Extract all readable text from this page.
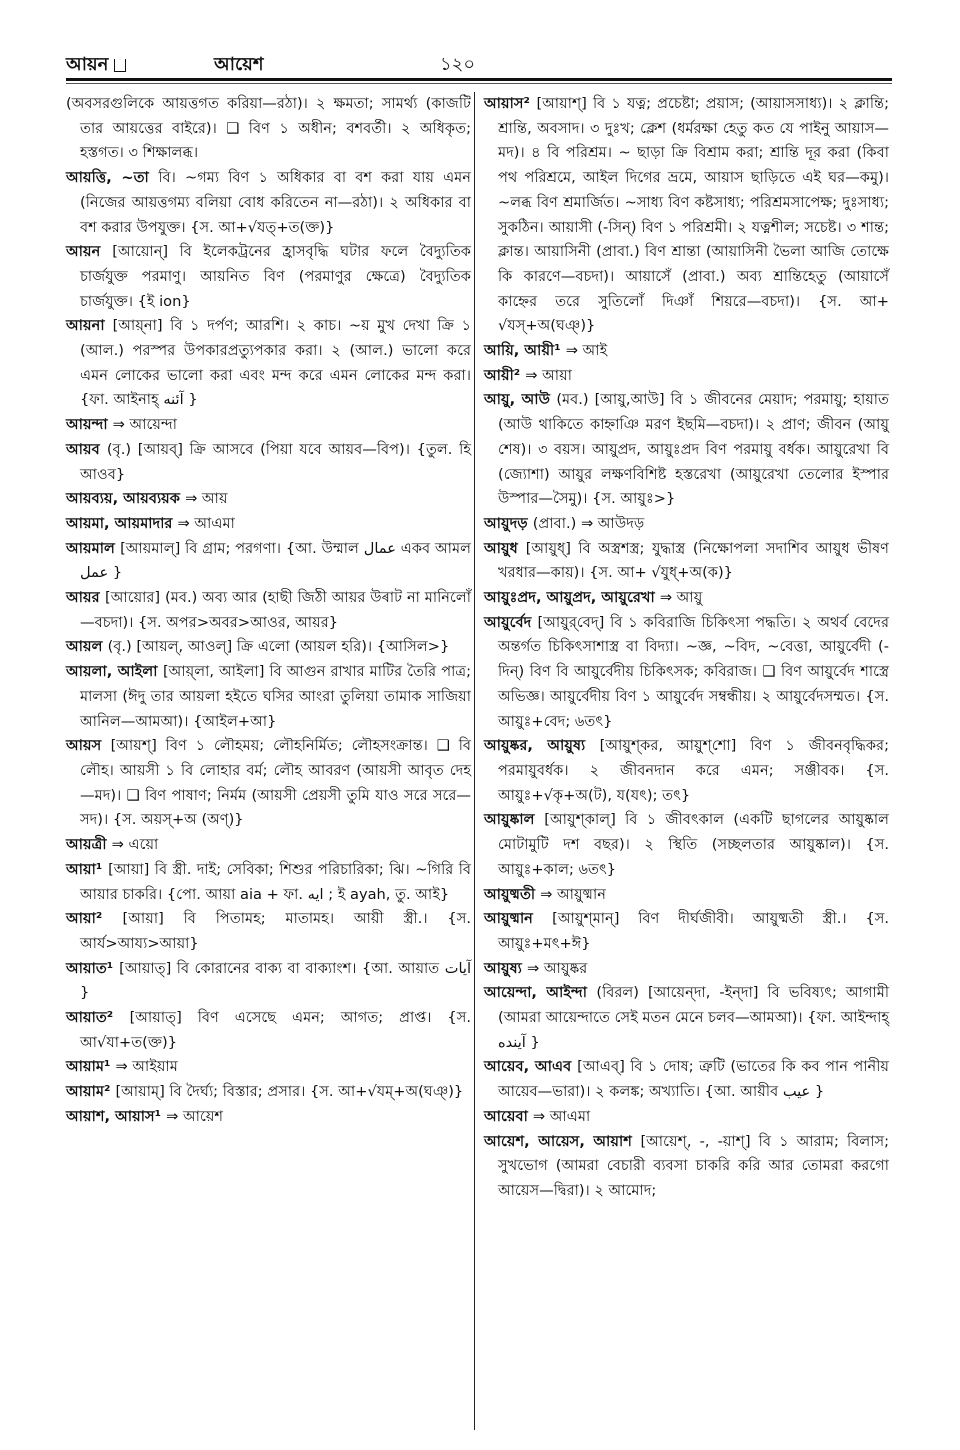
আয়ন	আয়েশ	১২০

(অবসরগুলিকে আয়ত্তগত করিয়া—রঠা)। ২ ক্ষমতা; সামর্থ্য (কাজটি তার আয়ত্তের বাইরে)। ❑ বিণ ১ অধীন; বশবর্তী। ২ অধিকৃত; হস্তগত। ৩ শিক্ষালব্ধ।

আয়ত্তি, ~তা বি। ~গম্য বিণ ১ অধিকার বা বশ করা যায় এমন (নিজের আয়ত্তগম্য বলিয়া বোধ করিতেন না—রঠা)। ২ অধিকার বা বশ করার উপযুক্ত। {স. আ+√যত্+ত(ক্ত)}

আয়ন [আয়োন্] বি ইলেকট্রনের হ্রাসবৃদ্ধি ঘটার ফলে বৈদ্যুতিক চার্জযুক্ত পরমাণু। আয়নিত বিণ (পরমাণুর ক্ষেত্রে) বৈদ্যুতিক চার্জযুক্ত। {ই ion}

আয়না [আয়্না] বি ১ দর্পণ; আরশি। ২ কাচ। ~য় মুখ দেখা ক্রি ১ (আল.) পরস্পর উপকারপ্রত্যুপকার করা। ২ (আল.) ভালো করে এমন লোকের ভালো করা এবং মন্দ করে এমন লোকের মন্দ করা। {ফা. আইনাহ্ آئنه }

আয়ন্দা ⇒ আয়েন্দা

আয়ব (বৃ.) [আয়ব্] ক্রি আসবে (পিয়া যবে আয়ব—বিপ)। {তুল. হি আওব}

আয়ব্যয়, আয়ব্যয়ক ⇒ আয়

আয়মা, আয়মাদার ⇒ আএমা

আয়মাল [আয়মাল্] বি গ্রাম; পরগণা। {আ. উম্মাল عمال একব আমল عمل }

আয়র [আয়োর] (মব.) অব্য আর (হাছী জিঠী আয়র উৰাট না মানিলোঁ—বচদা)। {স. অপর>অবর>আওর, আয়র}

আয়ল (বৃ.) [আয়ল্, আওল্] ক্রি এলো (আয়ল হরি)। {আসিল>}

আয়লা, আইলা [আয়্‌লা, আইলা] বি আগুন রাখার মাটির তৈরি পাত্র; মালসা (ঈদু তার আয়লা হইতে ঘসির আংরা তুলিয়া তামাক সাজিয়া আনিল—আমআ)। {আইল+আ}

আয়স [আয়শ্] বিণ ১ লৌহময়; লৌহনির্মিত; লৌহসংক্রান্ত। ❑ বি লৌহ। আয়সী ১ বি লোহার বর্ম; লৌহ আবরণ (আয়সী আবৃত দেহ—মদ)। ❑ বিণ পাষাণ; নির্মম (আয়সী প্রেয়সী তুমি যাও সরে সরে—সদ)। {স. অয়স্+অ (অণ্)}

আয়ত্রী ⇒ এয়ো

আয়া¹ [আয়া] বি স্ত্রী. দাই; সেবিকা; শিশুর পরিচারিকা; ঝি। ~গিরি বি আয়ার চাকরি। {পো. আয়া aia + ফা. ایه ; ই ayah, তু. আই}

আয়া² [আয়া] বি পিতামহ; মাতামহ। আয়ী স্ত্রী.। {স. আর্য>আয্য>আয়া}

আয়াত¹ [আয়াত্] বি কোরানের বাক্য বা বাক্যাংশ। {আ. আয়াত آیات }

আয়াত² [আয়াত্] বিণ এসেছে এমন; আগত; প্রাপ্ত। {স. আ√যা+ত(ক্ত)}

আয়াম¹ ⇒ আইয়াম

আয়াম² [আয়াম্] বি দৈর্ঘ্য; বিস্তার; প্রসার। {স. আ+√যম্+অ(ঘঞ্)}

আয়াশ, আয়াস¹ ⇒ আয়েশ

আয়াস² [আয়াশ্] বি ১ যত্ন; প্রচেষ্টা; প্রয়াস; (আয়াসসাধ্য)। ২ ক্লান্তি; শ্রান্তি, অবসাদ। ৩ দুঃখ; ক্লেশ (ধর্মরক্ষা হেতু কত যে পাইনু আয়াস—মদ)। ৪ বি পরিশ্রম। ~ ছাড়া ক্রি বিশ্রাম করা; শ্রান্তি দূর করা (কিবা পথ পরিশ্রমে, আইল দিগের ভ্রমে, আয়াস ছাড়িতে এই ঘর—কমু)। ~লব্ধ বিণ শ্রমার্জিত। ~সাধ্য বিণ কষ্টসাধ্য; পরিশ্রমসাপেক্ষ; দুঃসাধ্য; সুকঠিন। আয়াসী (-সিন্) বিণ ১ পরিশ্রমী। ২ যত্নশীল; সচেষ্ট। ৩ শান্ত; ক্লান্ত। আয়াসিনী (প্রাবা.) বিণ শ্রান্তা (আয়াসিনী ভৈলা আজি তোক্ষে কি কারণে—বচদা)। আয়াসেঁ (প্রাবা.) অব্য শ্রান্তিহেতু (আয়াসেঁ কাহ্নের তরে সুতিলোঁ দিঞাঁ শিয়রে—বচদা)। {স. আ+ √যস্+অ(ঘঞ্)}

আয়ি, আয়ী¹ ⇒ আই

আয়ী² ⇒ আয়া

আয়ু, আউ (মব.) [আয়ু,আউ] বি ১ জীবনের মেয়াদ; পরমায়ু; হায়াত (আউ থাকিতে কাহ্নাঞি মরণ ইছমি—বচদা)। ২ প্রাণ; জীবন (আয়ু শেষ)। ৩ বয়স। আয়ুপ্রদ, আয়ুঃপ্রদ বিণ পরমায়ু বর্ধক। আয়ুরেখা বি (জ্যোশা) আয়ুর লক্ষণবিশিষ্ট হস্তরেখা (আয়ুরেখা তেলোর ইস্পার উস্পার—সৈমু)। {স. আয়ুঃ>}

আয়ুদড় (প্রাবা.) ⇒ আউদড়

আয়ুধ [আয়ুধ্] বি অস্ত্রশস্ত্র; যুদ্ধাস্ত্র (নিক্ষোপলা সদাশিব আয়ুধ ভীষণ খরধার—কায়)। {স. আ+ √যুধ্+অ(ক)}

আয়ুঃপ্রদ, আয়ুপ্রদ, আয়ুরেখা ⇒ আয়ু

আয়ুর্বেদ [আয়ুর্‌বেদ্] বি ১ কবিরাজি চিকিৎসা পদ্ধতি। ২ অথর্ব বেদের অন্তর্গত চিকিৎসাশাস্ত্র বা বিদ্যা। ~জ্ঞ, ~বিদ, ~বেত্তা, আয়ুর্বেদী (-দিন্) বিণ বি আয়ুর্বেদীয় চিকিৎসক; কবিরাজ। ❑ বিণ আয়ুর্বেদ শাস্ত্রে অভিজ্ঞ। আয়ুর্বেদীয় বিণ ১ আয়ুর্বেদ সম্বন্ধীয়। ২ আয়ুর্বেদসম্মত। {স. আয়ুঃ+বেদ; ৬তৎ}

আয়ুষ্কর, আয়ুষ্য [আয়ুশ্‌কর, আয়ুশ্‌শো] বিণ ১ জীবনবৃদ্ধিকর; পরমায়ুবর্ধক। ২ জীবনদান করে এমন; সঞ্জীবক। {স. আয়ুঃ+√কৃ+অ(ট), য(যৎ); তৎ}

আয়ুষ্কাল [আয়ুশ্‌কাল্] বি ১ জীবৎকাল (একটি ছাগলের আয়ুষ্কাল মোটামুটি দশ বছর)। ২ স্থিতি (সচ্ছলতার আয়ুষ্কাল)। {স. আয়ুঃ+কাল; ৬তৎ}

আয়ুষ্মতী ⇒ আয়ুষ্মান

আয়ুষ্মান [আয়ুশ্‌মান্] বিণ দীর্ঘজীবী। আয়ুষ্মতী স্ত্রী.। {স. আয়ুঃ+মৎ+ঈ}

আয়ুষ্য ⇒ আয়ুষ্কর

আয়েন্দা, আইন্দা (বিরল) [আয়েন্‌দা, -ইন্‌দা] বি ভবিষ্যৎ; আগামী (আমরা আয়েন্দাতে সেই মতন মেনে চলব—আমআ)। {ফা. আইন্দাহ্ آینده }

আয়েব, আএব [আএব্] বি ১ দোষ; ত্রুটি (ভাতের কি কব পান পানীয় আয়েব—ভারা)। ২ কলঙ্ক; অখ্যাতি। {আ. আয়ীব عیب }

আয়েবা ⇒ আএমা

আয়েশ, আয়েস, আয়াশ [আয়েশ্, -, -য়াশ্] বি ১ আরাম; বিলাস; সুখভোগ (আমরা বেচারী ব্যবসা চাকরি করি আর তোমরা করগো আয়েস—দ্বিরা)। ২ আমোদ;
